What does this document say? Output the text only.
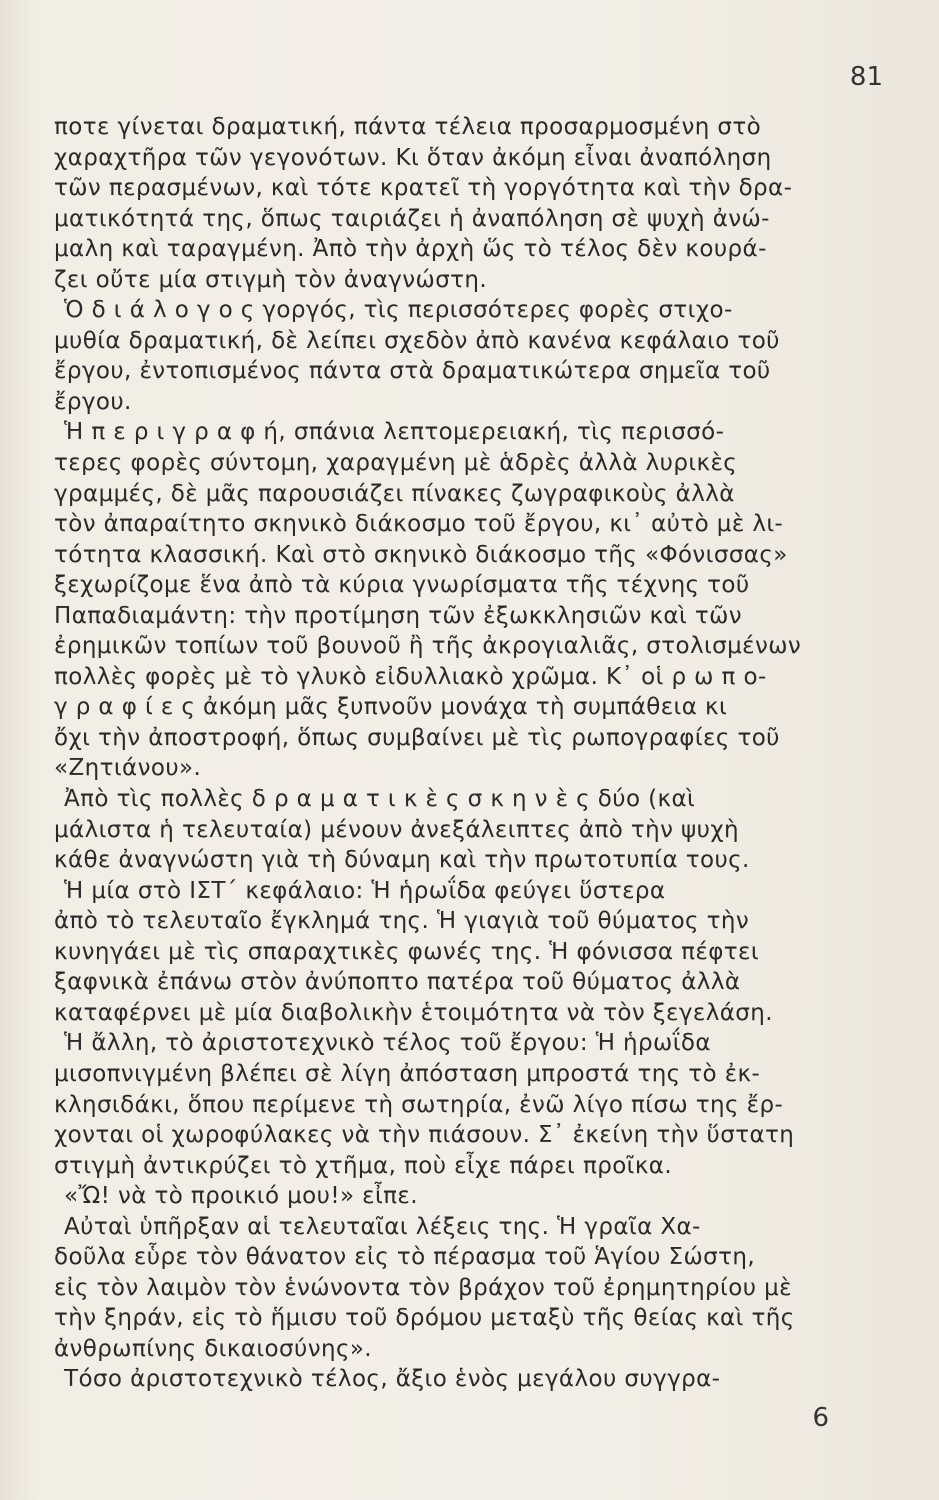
81
ποτε γίνεται δραματική, πάντα τέλεια προσαρμοσμένη στὸ
χαραχτῆρα τῶν γεγονότων. Κι ὅταν ἀκόμη εἶναι ἀναπόληση
τῶν περασμένων, καὶ τότε κρατεῖ τὴ γοργότητα καὶ τὴν δρα-
ματικότητά της, ὅπως ταιριάζει ἡ ἀναπόληση σὲ ψυχὴ ἀνώ-
μαλη καὶ ταραγμένη. Ἀπὸ τὴν ἀρχὴ ὥς τὸ τέλος δὲν κουρά-
ζει οὔτε μία στιγμὴ τὸν ἀναγνώστη.
Ὁ δ ι ά λ ο γ ο ς γοργός, τὶς περισσότερες φορὲς στιχο-
μυθία δραματική, δὲ λείπει σχεδὸν ἀπὸ κανένα κεφάλαιο τοῦ
ἔργου, ἐντοπισμένος πάντα στὰ δραματικώτερα σημεῖα τοῦ
ἔργου.
Ἡ π ε ρ ι γ ρ α φ ή, σπάνια λεπτομερειακή, τὶς περισσό-
τερες φορὲς σύντομη, χαραγμένη μὲ ἁδρὲς ἀλλὰ λυρικὲς
γραμμές, δὲ μᾶς παρουσιάζει πίνακες ζωγραφικοὺς ἀλλὰ
τὸν ἀπαραίτητο σκηνικὸ διάκοσμο τοῦ ἔργου, κι᾽ αὐτὸ μὲ λι-
τότητα κλασσική. Καὶ στὸ σκηνικὸ διάκοσμο τῆς «Φόνισσας»
ξεχωρίζομε ἕνα ἀπὸ τὰ κύρια γνωρίσματα τῆς τέχνης τοῦ
Παπαδιαμάντη: τὴν προτίμηση τῶν ἐξωκκλησιῶν καὶ τῶν
ἐρημικῶν τοπίων τοῦ βουνοῦ ἢ τῆς ἀκρογιαλιᾶς, στολισμένων
πολλὲς φορὲς μὲ τὸ γλυκὸ εἰδυλλιακὸ χρῶμα. Κ᾽ οἱ ρ ω π ο-
γ ρ α φ ί ε ς ἀκόμη μᾶς ξυπνοῦν μονάχα τὴ συμπάθεια κι
ὄχι τὴν ἀποστροφή, ὅπως συμβαίνει μὲ τὶς ρωπογραφίες τοῦ
«Ζητιάνου».
Ἀπὸ τὶς πολλὲς δ ρ α μ α τ ι κ ὲ ς σ κ η ν ὲ ς δύο (καὶ
μάλιστα ἡ τελευταία) μένουν ἀνεξάλειπτες ἀπὸ τὴν ψυχὴ
κάθε ἀναγνώστη γιὰ τὴ δύναμη καὶ τὴν πρωτοτυπία τους.
Ἡ μία στὸ ΙΣΤ΄ κεφάλαιο: Ἡ ἡρωΐδα φεύγει ὕστερα
ἀπὸ τὸ τελευταῖο ἔγκλημά της. Ἡ γιαγιὰ τοῦ θύματος τὴν
κυνηγάει μὲ τὶς σπαραχτικὲς φωνές της. Ἡ φόνισσα πέφτει
ξαφνικὰ ἐπάνω στὸν ἀνύποπτο πατέρα τοῦ θύματος ἀλλὰ
καταφέρνει μὲ μία διαβολικὴν ἑτοιμότητα νὰ τὸν ξεγελάση.
Ἡ ἄλλη, τὸ ἀριστοτεχνικὸ τέλος τοῦ ἔργου: Ἡ ἡρωΐδα
μισοπνιγμένη βλέπει σὲ λίγη ἀπόσταση μπροστά της τὸ ἐκ-
κλησιδάκι, ὅπου περίμενε τὴ σωτηρία, ἐνῶ λίγο πίσω της ἔρ-
χονται οἱ χωροφύλακες νὰ τὴν πιάσουν. Σ᾽ ἐκείνη τὴν ὕστατη
στιγμὴ ἀντικρύζει τὸ χτῆμα, ποὺ εἶχε πάρει προῖκα.
«Ὤ! νὰ τὸ προικιό μου!» εἶπε.
Αὐταὶ ὑπῆρξαν αἱ τελευταῖαι λέξεις της. Ἡ γραῖα Χα-
δοῦλα εὗρε τὸν θάνατον εἰς τὸ πέρασμα τοῦ Ἁγίου Σώστη,
εἰς τὸν λαιμὸν τὸν ἑνώνοντα τὸν βράχον τοῦ ἐρημητηρίου μὲ
τὴν ξηράν, εἰς τὸ ἥμισυ τοῦ δρόμου μεταξὺ τῆς θείας καὶ τῆς
ἀνθρωπίνης δικαιοσύνης».
Τόσο ἀριστοτεχνικὸ τέλος, ἄξιο ἑνὸς μεγάλου συγγρα-
6
